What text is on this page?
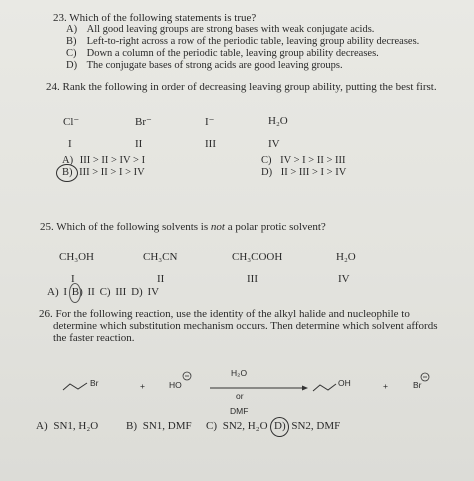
23. Which of the following statements is true?
A) All good leaving groups are strong bases with weak conjugate acids.
B) Left-to-right across a row of the periodic table, leaving group ability decreases.
C) Down a column of the periodic table, leaving group ability decreases.
D) The conjugate bases of strong acids are good leaving groups.
24. Rank the following in order of decreasing leaving group ability, putting the best first.
Cl⁻	Br⁻	I⁻	H₂O
I	II	III	IV
A) III > II > IV > I
B) III > II > I > IV
C) IV > I > II > III
D) II > III > I > IV
25. Which of the following solvents is not a polar protic solvent?
CH₃OH	CH₃CN	CH₃COOH	H₂O
I	II	III	IV
A) I B) II C) III D) IV
26. For the following reaction, use the identity of the alkyl halide and nucleophile to
determine which substitution mechanism occurs. Then determine which solvent affords
the faster reaction.
Br	+	HO
H₂O
or
DMF
OH	+	Br
A) SN1, H₂O	B) SN1, DMF C) SN2, H₂O D) SN2, DMF
